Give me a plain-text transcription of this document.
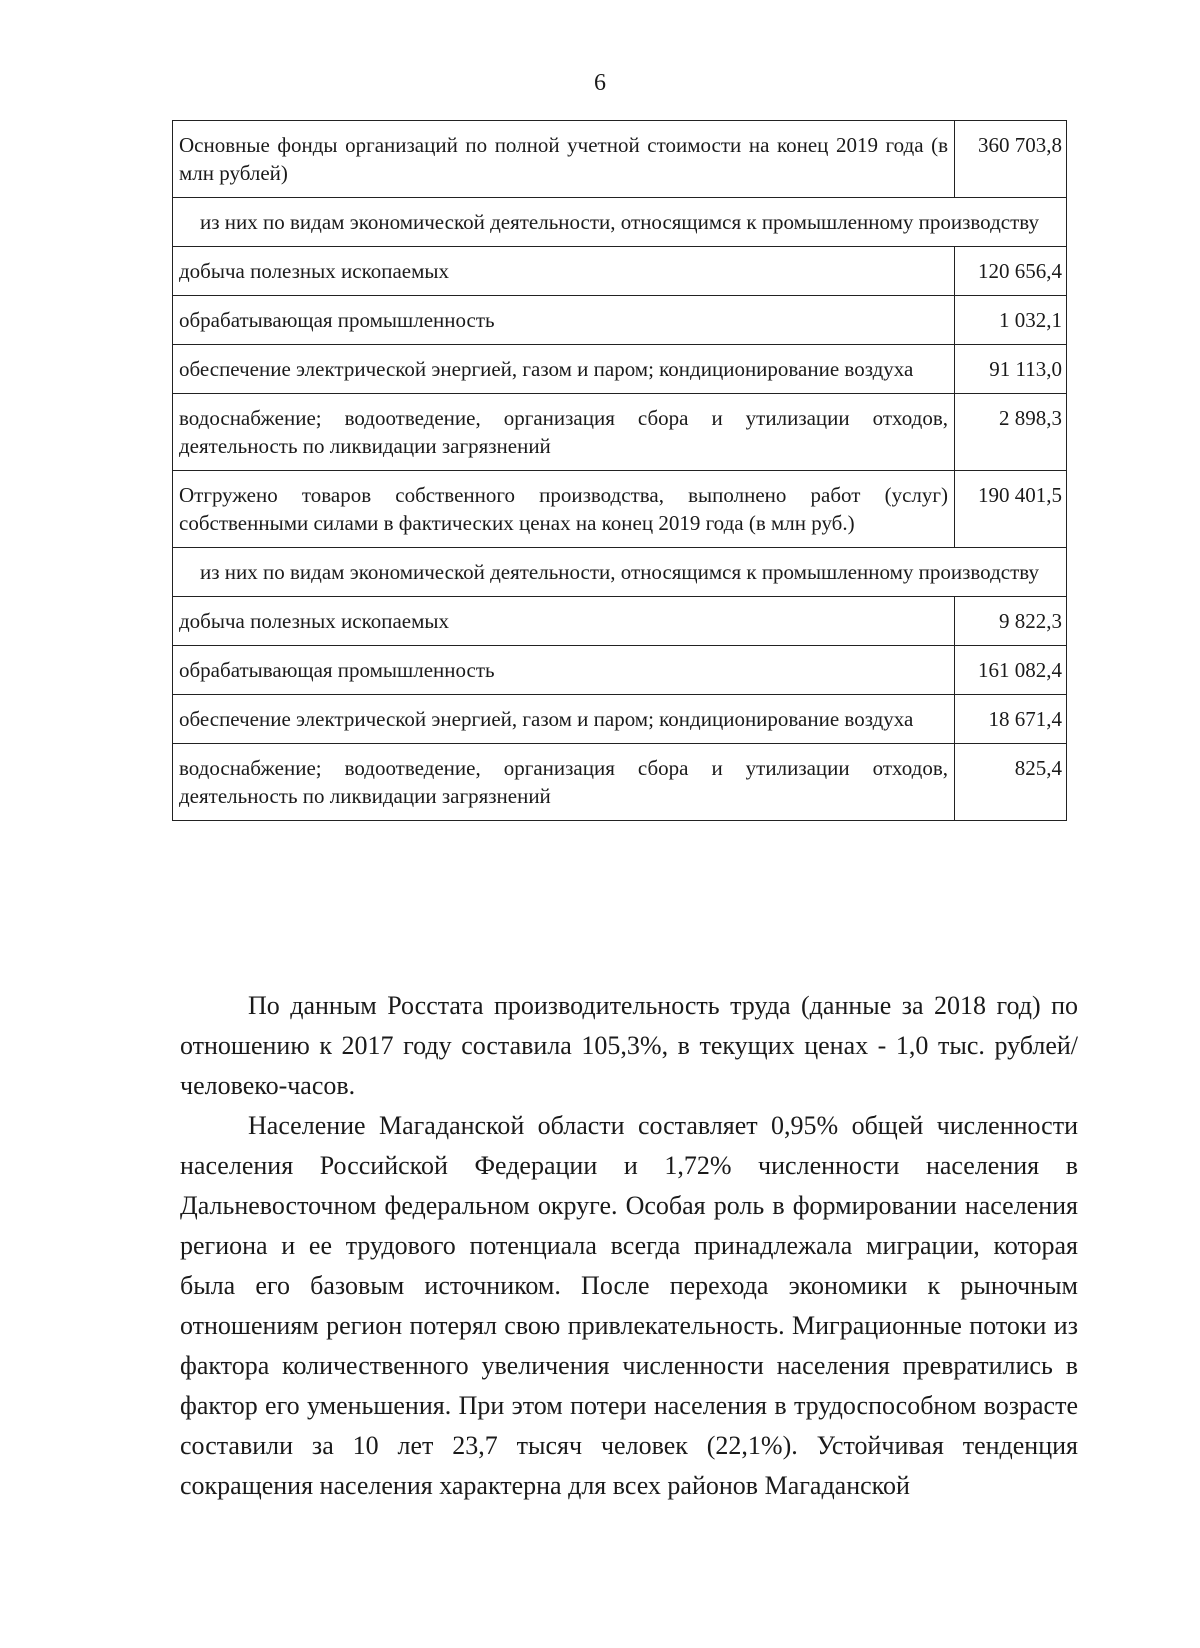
6
Основные фонды организаций по полной учетной стоимости на конец 2019 года (в млн рублей)	360 703,8
из них по видам экономической деятельности, относящимся к промышленному производству	
добыча полезных ископаемых	120 656,4
обрабатывающая промышленность	1 032,1
обеспечение электрической энергией, газом и паром; кондиционирование воздуха	91 113,0
водоснабжение; водоотведение, организация сбора и утилизации отходов, деятельность по ликвидации загрязнений	2 898,3
Отгружено товаров собственного производства, выполнено работ (услуг) собственными силами в фактических ценах на конец 2019 года (в млн руб.)	190 401,5
из них по видам экономической деятельности, относящимся к промышленному производству	
добыча полезных ископаемых	9 822,3
обрабатывающая промышленность	161 082,4
обеспечение электрической энергией, газом и паром; кондиционирование воздуха	18 671,4
водоснабжение; водоотведение, организация сбора и утилизации отходов, деятельность по ликвидации загрязнений	825,4

По данным Росстата производительность труда (данные за 2018 год) по отношению к 2017 году составила 105,3%, в текущих ценах - 1,0 тыс. рублей/человеко-часов.

Население Магаданской области составляет 0,95% общей численности населения Российской Федерации и 1,72% численности населения в Дальневосточном федеральном округе. Особая роль в формировании населения региона и ее трудового потенциала всегда принадлежала миграции, которая была его базовым источником. После перехода экономики к рыночным отношениям регион потерял свою привлекательность. Миграционные потоки из фактора количественного увеличения численности населения превратились в фактор его уменьшения. При этом потери населения в трудоспособном возрасте составили за 10 лет 23,7 тысяч человек (22,1%). Устойчивая тенденция сокращения населения характерна для всех районов Магаданской
